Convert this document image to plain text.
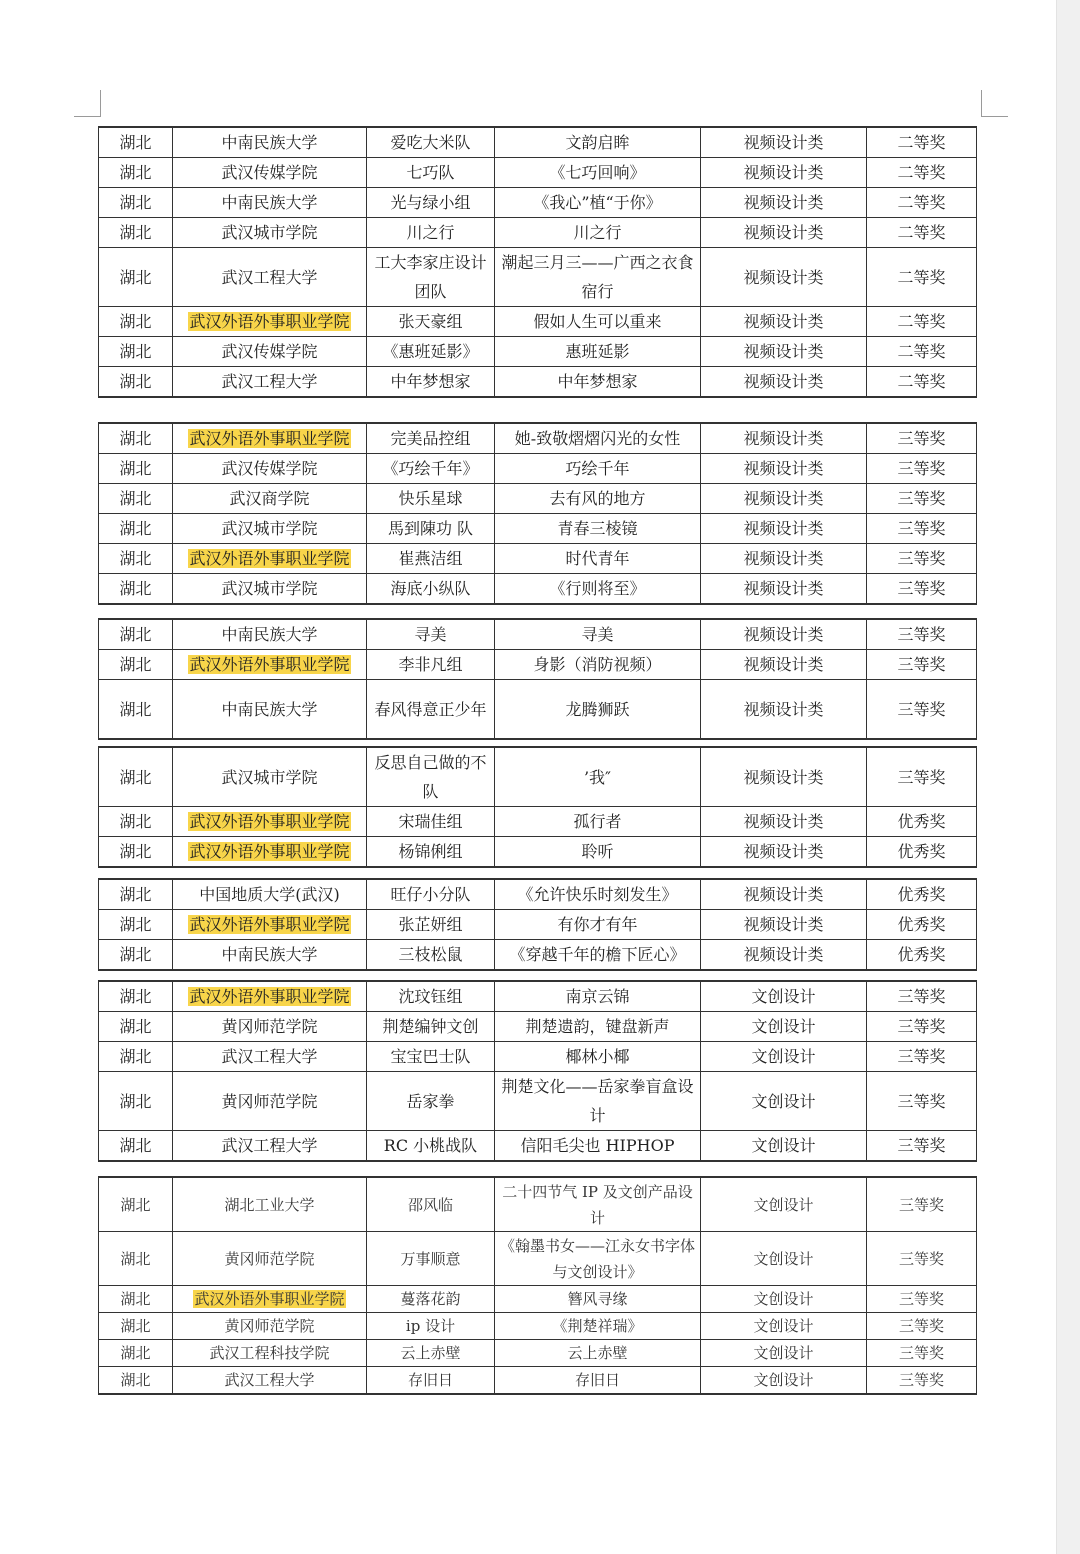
湖北	中南民族大学	爱吃大米队	文韵启眸	视频设计类	二等奖
湖北	武汉传媒学院	七巧队	《七巧回响》	视频设计类	二等奖
湖北	中南民族大学	光与绿小组	《我心”植“于你》	视频设计类	二等奖
湖北	武汉城市学院	川之行	川之行	视频设计类	二等奖
湖北	武汉工程大学	工大李家庄设计团队	潮起三月三——广西之衣食宿行	视频设计类	二等奖
湖北	武汉外语外事职业学院	张天豪组	假如人生可以重来	视频设计类	二等奖
湖北	武汉传媒学院	《惠班延影》	惠班延影	视频设计类	二等奖
湖北	武汉工程大学	中年梦想家	中年梦想家	视频设计类	二等奖
湖北	武汉外语外事职业学院	完美品控组	她-致敬熠熠闪光的女性	视频设计类	三等奖
湖北	武汉传媒学院	《巧绘千年》	巧绘千年	视频设计类	三等奖
湖北	武汉商学院	快乐星球	去有风的地方	视频设计类	三等奖
湖北	武汉城市学院	馬到陳功 队	青春三棱镜	视频设计类	三等奖
湖北	武汉外语外事职业学院	崔燕洁组	时代青年	视频设计类	三等奖
湖北	武汉城市学院	海底小纵队	《行则将至》	视频设计类	三等奖
湖北	中南民族大学	寻美	寻美	视频设计类	三等奖
湖北	武汉外语外事职业学院	李非凡组	身影（消防视频）	视频设计类	三等奖
湖北	中南民族大学	春风得意正少年	龙腾狮跃	视频设计类	三等奖
湖北	武汉城市学院	反思自己做的不队	’我″	视频设计类	三等奖
湖北	武汉外语外事职业学院	宋瑞佳组	孤行者	视频设计类	优秀奖
湖北	武汉外语外事职业学院	杨锦俐组	聆听	视频设计类	优秀奖
湖北	中国地质大学(武汉)	旺仔小分队	《允许快乐时刻发生》	视频设计类	优秀奖
湖北	武汉外语外事职业学院	张芷妍组	有你才有年	视频设计类	优秀奖
湖北	中南民族大学	三枝松鼠	《穿越千年的檐下匠心》	视频设计类	优秀奖
湖北	武汉外语外事职业学院	沈玟钰组	南京云锦	文创设计	三等奖
湖北	黄冈师范学院	荆楚编钟文创	荆楚遗韵，键盘新声	文创设计	三等奖
湖北	武汉工程大学	宝宝巴士队	椰林小椰	文创设计	三等奖
湖北	黄冈师范学院	岳家拳	荆楚文化——岳家拳盲盒设计	文创设计	三等奖
湖北	武汉工程大学	RC 小桃战队	信阳毛尖也 HIPHOP	文创设计	三等奖
湖北	湖北工业大学	邵风临	二十四节气 IP 及文创产品设计	文创设计	三等奖
湖北	黄冈师范学院	万事顺意	《翰墨书女——江永女书字体与文创设计》	文创设计	三等奖
湖北	武汉外语外事职业学院	蔓落花韵	簪风寻缘	文创设计	三等奖
湖北	黄冈师范学院	ip 设计	《荆楚祥瑞》	文创设计	三等奖
湖北	武汉工程科技学院	云上赤壁	云上赤壁	文创设计	三等奖
湖北	武汉工程大学	存旧日	存旧日	文创设计	三等奖
